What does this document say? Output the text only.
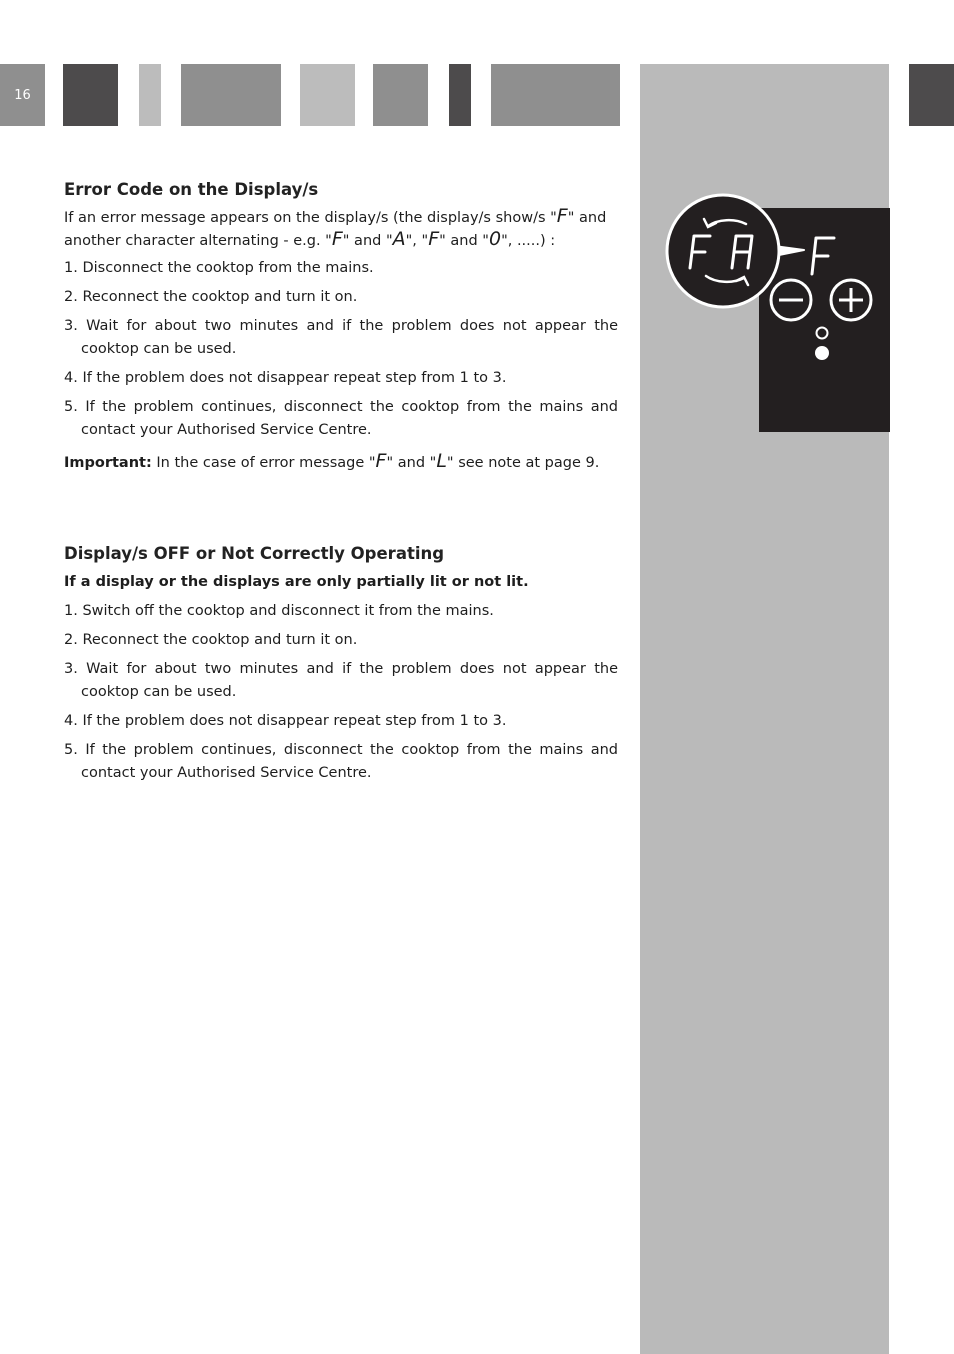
16
Error Code on the Display/s

If an error message appears on the display/s (the display/s show/s "F" and another character alternating - e.g. "F" and "A", "F" and "0", .....) :

1. Disconnect the cooktop from the mains.
2. Reconnect the cooktop and turn it on.
3. Wait for about two minutes and if the problem does not appear the cooktop can be used.
4. If the problem does not disappear repeat step from 1 to 3.
5. If the problem continues, disconnect the cooktop from the mains and contact your Authorised Service Centre.

Important: In the case of error message "F" and "L" see note at page 9.

Display/s OFF or Not Correctly Operating

If a display or the displays are only partially lit or not lit.

1. Switch off the cooktop and disconnect it from the mains.
2. Reconnect the cooktop and turn it on.
3. Wait for about two minutes and if the problem does not appear the cooktop can be used.
4. If the problem does not disappear repeat step from 1 to 3.
5. If the problem continues, disconnect the cooktop from the mains and contact your Authorised Service Centre.
